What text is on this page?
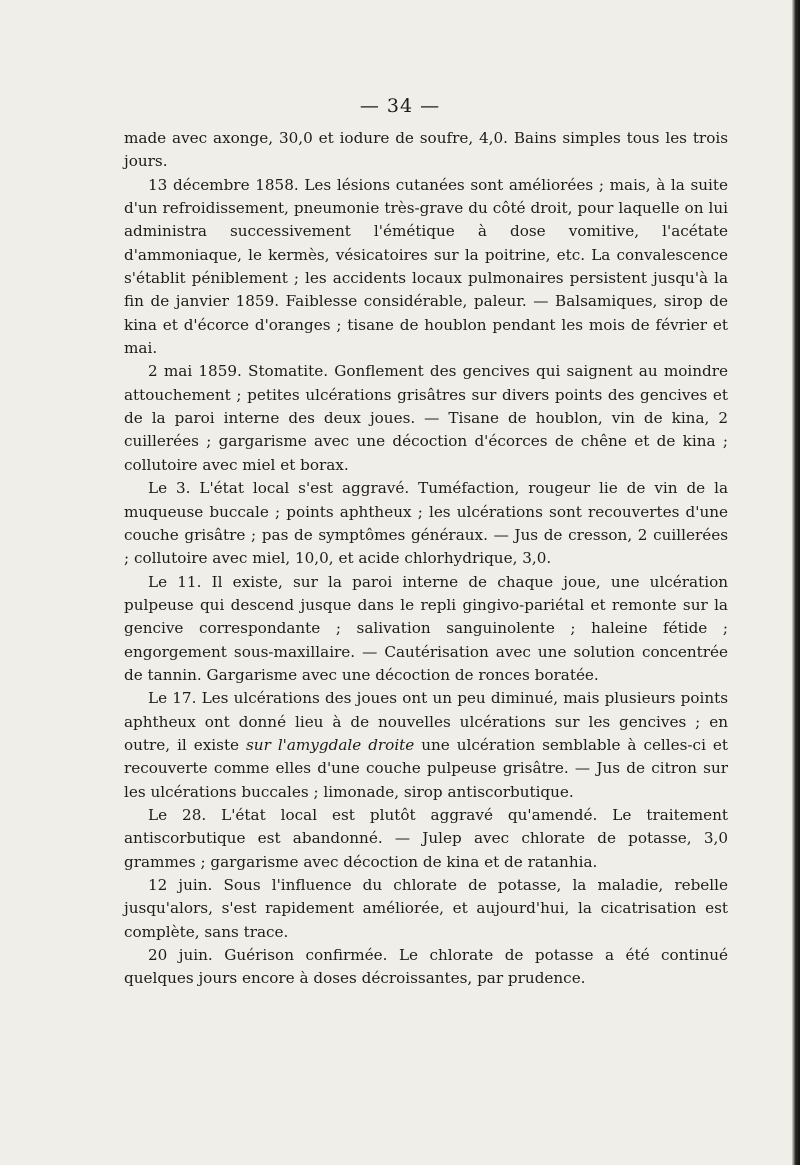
— 34 —

made avec axonge, 30,0 et iodure de soufre, 4,0. Bains simples tous les trois jours.

13 décembre 1858. Les lésions cutanées sont améliorées ; mais, à la suite d'un refroidissement, pneumonie très-grave du côté droit, pour laquelle on lui administra successivement l'émétique à dose vomitive, l'acétate d'ammoniaque, le kermès, vésicatoires sur la poitrine, etc. La convalescence s'établit péniblement ; les accidents locaux pulmonaires persistent jusqu'à la fin de janvier 1859. Faiblesse considérable, paleur. — Balsamiques, sirop de kina et d'écorce d'oranges ; tisane de houblon pendant les mois de février et mai.

2 mai 1859. Stomatite. Gonflement des gencives qui saignent au moindre attouchement ; petites ulcérations grisâtres sur divers points des gencives et de la paroi interne des deux joues. — Tisane de houblon, vin de kina, 2 cuillerées ; gargarisme avec une décoction d'écorces de chêne et de kina ; collutoire avec miel et borax.

Le 3. L'état local s'est aggravé. Tuméfaction, rougeur lie de vin de la muqueuse buccale ; points aphtheux ; les ulcérations sont recouvertes d'une couche grisâtre ; pas de symptômes généraux. — Jus de cresson, 2 cuillerées ; collutoire avec miel, 10,0, et acide chlorhydrique, 3,0.

Le 11. Il existe, sur la paroi interne de chaque joue, une ulcération pulpeuse qui descend jusque dans le repli gingivo-pariétal et remonte sur la gencive correspondante ; salivation sanguinolente ; haleine fétide ; engorgement sous-maxillaire. — Cautérisation avec une solution concentrée de tannin. Gargarisme avec une décoction de ronces boratée.

Le 17. Les ulcérations des joues ont un peu diminué, mais plusieurs points aphtheux ont donné lieu à de nouvelles ulcérations sur les gencives ; en outre, il existe sur l'amygdale droite une ulcération semblable à celles-ci et recouverte comme elles d'une couche pulpeuse grisâtre. — Jus de citron sur les ulcérations buccales ; limonade, sirop antiscorbutique.

Le 28. L'état local est plutôt aggravé qu'amendé. Le traitement antiscorbutique est abandonné. — Julep avec chlorate de potasse, 3,0 grammes ; gargarisme avec décoction de kina et de ratanhia.

12 juin. Sous l'influence du chlorate de potasse, la maladie, rebelle jusqu'alors, s'est rapidement améliorée, et aujourd'hui, la cicatrisation est complète, sans trace.

20 juin. Guérison confirmée. Le chlorate de potasse a été continué quelques jours encore à doses décroissantes, par prudence.
